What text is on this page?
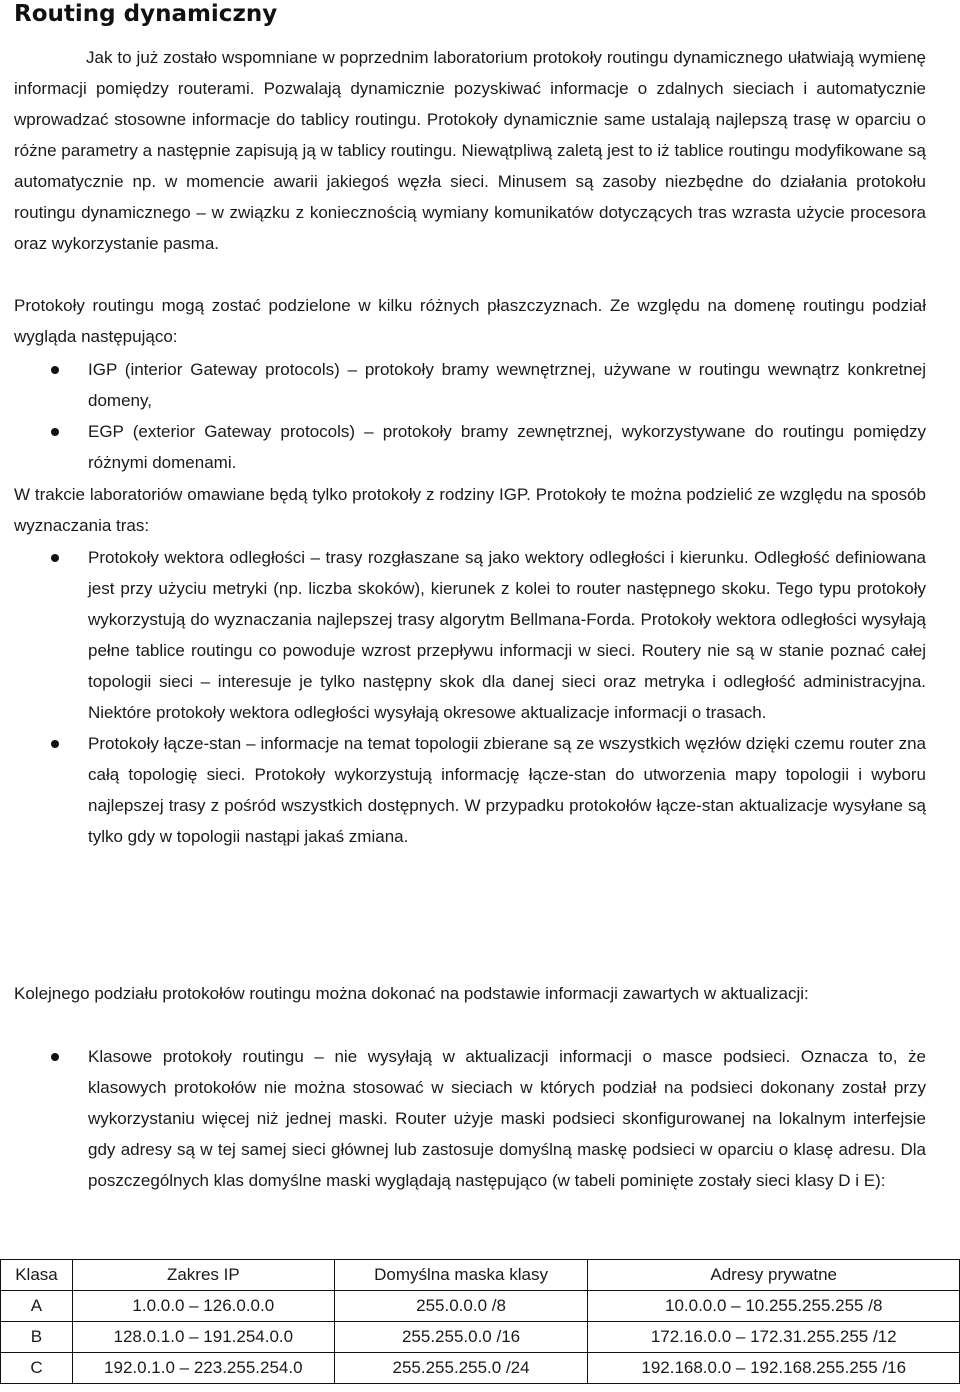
Routing dynamiczny

Jak to już zostało wspomniane w poprzednim laboratorium protokoły routingu dynamicznego ułatwiają wymienę informacji pomiędzy routerami. Pozwalają dynamicznie pozyskiwać informacje o zdalnych sieciach i automatycznie wprowadzać stosowne informacje do tablicy routingu. Protokoły dynamicznie same ustalają najlepszą trasę w oparciu o różne parametry a następnie zapisują ją w tablicy routingu. Niewątpliwą zaletą jest to iż tablice routingu modyfikowane są automatycznie np. w momencie awarii jakiegoś węzła sieci. Minusem są zasoby niezbędne do działania protokołu routingu dynamicznego – w związku z koniecznością wymiany komunikatów dotyczących tras wzrasta użycie procesora oraz wykorzystanie pasma.

Protokoły routingu mogą zostać podzielone w kilku różnych płaszczyznach. Ze względu na domenę routingu podział wygląda następująco:

IGP (interior Gateway protocols) – protokoły bramy wewnętrznej, używane w routingu wewnątrz konkretnej domeny,
EGP (exterior Gateway protocols) – protokoły bramy zewnętrznej, wykorzystywane do routingu pomiędzy różnymi domenami.

W trakcie laboratoriów omawiane będą tylko protokoły z rodziny IGP. Protokoły te można podzielić ze względu na sposób wyznaczania tras:

Protokoły wektora odległości – trasy rozgłaszane są jako wektory odległości i kierunku. Odległość definiowana jest przy użyciu metryki (np. liczba skoków), kierunek z kolei to router następnego skoku. Tego typu protokoły wykorzystują do wyznaczania najlepszej trasy algorytm Bellmana-Forda. Protokoły wektora odległości wysyłają pełne tablice routingu co powoduje wzrost przepływu informacji w sieci. Routery nie są w stanie poznać całej topologii sieci – interesuje je tylko następny skok dla danej sieci oraz metryka i odległość administracyjna. Niektóre protokoły wektora odległości wysyłają okresowe aktualizacje informacji o trasach.
Protokoły łącze-stan – informacje na temat topologii zbierane są ze wszystkich węzłów dzięki czemu router zna całą topologię sieci. Protokoły wykorzystują informację łącze-stan do utworzenia mapy topologii i wyboru najlepszej trasy z pośród wszystkich dostępnych. W przypadku protokołów łącze-stan aktualizacje wysyłane są tylko gdy w topologii nastąpi jakaś zmiana.

Kolejnego podziału protokołów routingu można dokonać na podstawie informacji zawartych w aktualizacji:

Klasowe protokoły routingu – nie wysyłają w aktualizacji informacji o masce podsieci. Oznacza to, że klasowych protokołów nie można stosować w sieciach w których podział na podsieci dokonany został przy wykorzystaniu więcej niż jednej maski. Router użyje maski podsieci skonfigurowanej na lokalnym interfejsie gdy adresy są w tej samej sieci głównej lub zastosuje domyślną maskę podsieci w oparciu o klasę adresu. Dla poszczególnych klas domyślne maski wyglądają następująco (w tabeli pominięte zostały sieci klasy D i E):
Klasa	Zakres IP	Domyślna maska klasy	Adresy prywatne
A	1.0.0.0 – 126.0.0.0	255.0.0.0 /8	10.0.0.0 – 10.255.255.255 /8
B	128.0.1.0 – 191.254.0.0	255.255.0.0 /16	172.16.0.0 – 172.31.255.255 /12
C	192.0.1.0 – 223.255.254.0	255.255.255.0 /24	192.168.0.0 – 192.168.255.255 /16
